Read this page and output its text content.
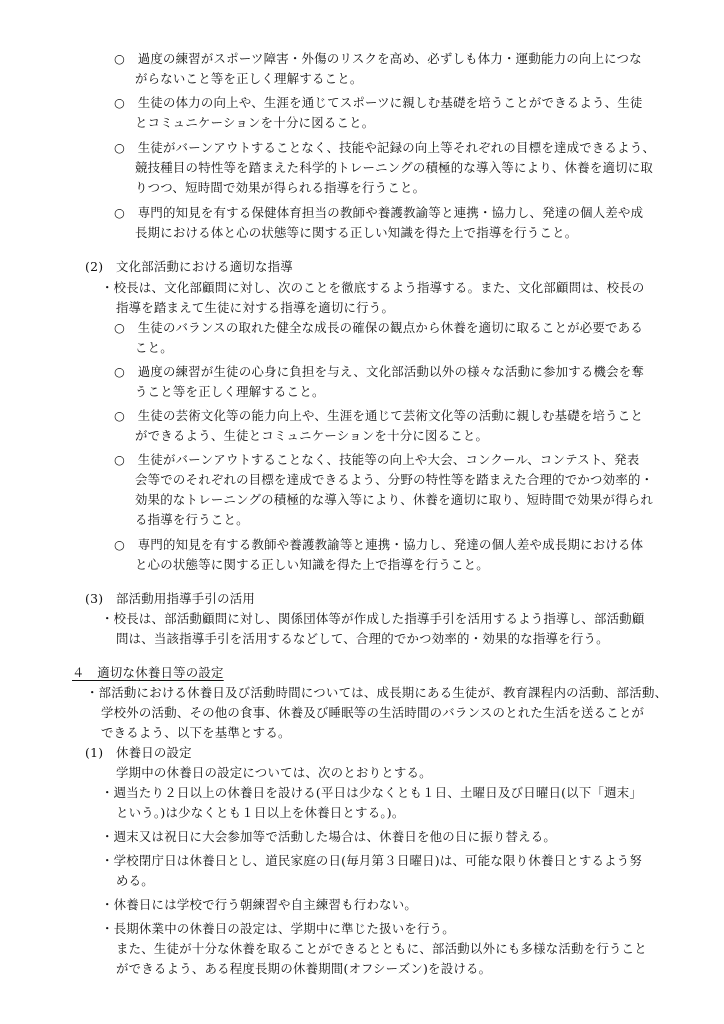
○　過度の練習がスポーツ障害・外傷のリスクを高め、必ずしも体力・運動能力の向上につな
がらないこと等を正しく理解すること。
○　生徒の体力の向上や、生涯を通じてスポーツに親しむ基礎を培うことができるよう、生徒
とコミュニケーションを十分に図ること。
○　生徒がバーンアウトすることなく、技能や記録の向上等それぞれの目標を達成できるよう、
競技種目の特性等を踏まえた科学的トレーニングの積極的な導入等により、休養を適切に取
りつつ、短時間で効果が得られる指導を行うこと。
○　専門的知見を有する保健体育担当の教師や養護教諭等と連携・協力し、発達の個人差や成
長期における体と心の状態等に関する正しい知識を得た上で指導を行うこと。
(2)　文化部活動における適切な指導
・校長は、文化部顧問に対し、次のことを徹底するよう指導する。また、文化部顧問は、校長の
指導を踏まえて生徒に対する指導を適切に行う。
○　生徒のバランスの取れた健全な成長の確保の観点から休養を適切に取ることが必要である
こと。
○　過度の練習が生徒の心身に負担を与え、文化部活動以外の様々な活動に参加する機会を奪
うこと等を正しく理解すること。
○　生徒の芸術文化等の能力向上や、生涯を通じて芸術文化等の活動に親しむ基礎を培うこと
ができるよう、生徒とコミュニケーションを十分に図ること。
○　生徒がバーンアウトすることなく、技能等の向上や大会、コンクール、コンテスト、発表
会等でのそれぞれの目標を達成できるよう、分野の特性等を踏まえた合理的でかつ効率的・
効果的なトレーニングの積極的な導入等により、休養を適切に取り、短時間で効果が得られ
る指導を行うこと。
○　専門的知見を有する教師や養護教諭等と連携・協力し、発達の個人差や成長期における体
と心の状態等に関する正しい知識を得た上で指導を行うこと。
(3)　部活動用指導手引の活用
・校長は、部活動顧問に対し、関係団体等が作成した指導手引を活用するよう指導し、部活動顧
問は、当該指導手引を活用するなどして、合理的でかつ効率的・効果的な指導を行う。
４　適切な休養日等の設定
・部活動における休養日及び活動時間については、成長期にある生徒が、教育課程内の活動、部活動、
学校外の活動、その他の食事、休養及び睡眠等の生活時間のバランスのとれた生活を送ることが
できるよう、以下を基準とする。
(1)　休養日の設定
学期中の休養日の設定については、次のとおりとする。
・週当たり２日以上の休養日を設ける(平日は少なくとも１日、土曜日及び日曜日(以下「週末」
という。)は少なくとも１日以上を休養日とする。)。
・週末又は祝日に大会参加等で活動した場合は、休養日を他の日に振り替える。
・学校閉庁日は休養日とし、道民家庭の日(毎月第３日曜日)は、可能な限り休養日とするよう努
める。
・休養日には学校で行う朝練習や自主練習も行わない。
・長期休業中の休養日の設定は、学期中に準じた扱いを行う。
また、生徒が十分な休養を取ることができるとともに、部活動以外にも多様な活動を行うこと
ができるよう、ある程度長期の休養期間(オフシーズン)を設ける。
